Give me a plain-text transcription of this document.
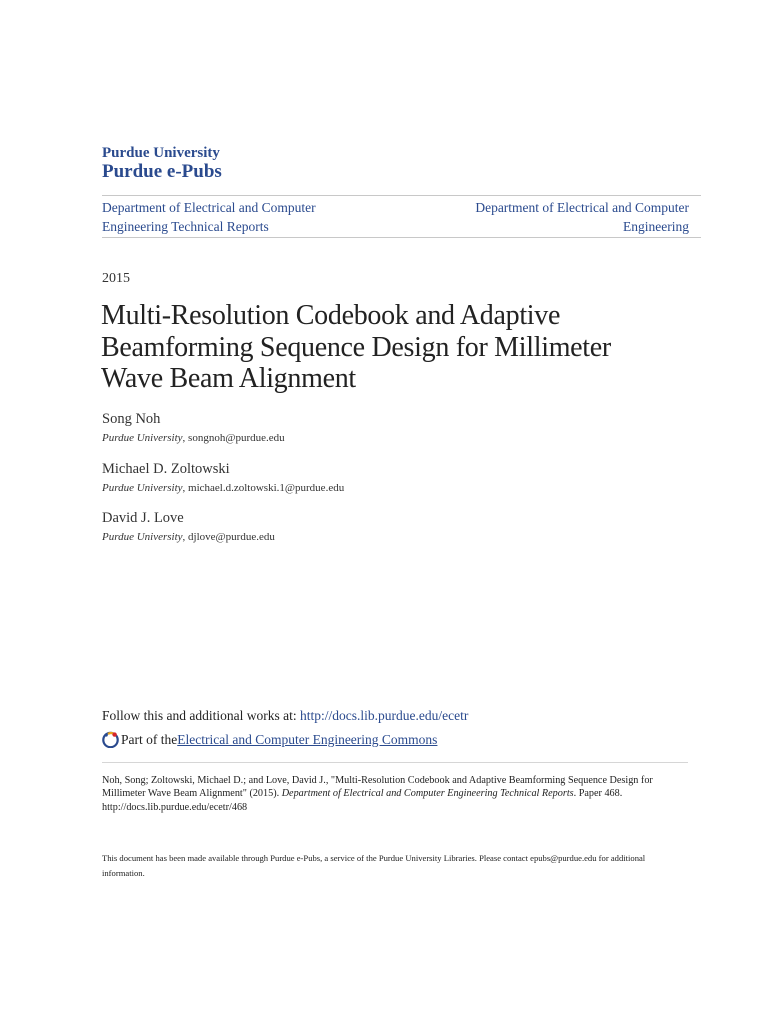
Purdue University
Purdue e-Pubs
Department of Electrical and Computer Engineering Technical Reports
Department of Electrical and Computer Engineering
2015
Multi-Resolution Codebook and Adaptive Beamforming Sequence Design for Millimeter Wave Beam Alignment
Song Noh
Purdue University, songnoh@purdue.edu
Michael D. Zoltowski
Purdue University, michael.d.zoltowski.1@purdue.edu
David J. Love
Purdue University, djlove@purdue.edu
Follow this and additional works at: http://docs.lib.purdue.edu/ecetr
Part of the Electrical and Computer Engineering Commons
Noh, Song; Zoltowski, Michael D.; and Love, David J., "Multi-Resolution Codebook and Adaptive Beamforming Sequence Design for Millimeter Wave Beam Alignment" (2015). Department of Electrical and Computer Engineering Technical Reports. Paper 468.
http://docs.lib.purdue.edu/ecetr/468
This document has been made available through Purdue e-Pubs, a service of the Purdue University Libraries. Please contact epubs@purdue.edu for additional information.
